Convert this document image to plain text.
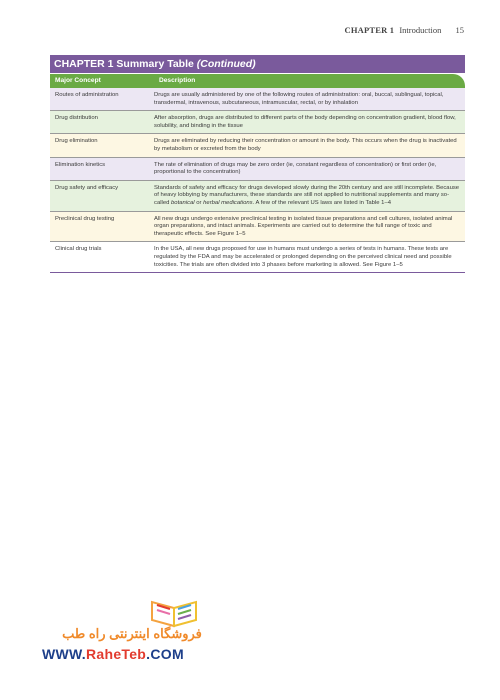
CHAPTER 1 Introduction 15
CHAPTER 1 Summary Table (Continued)
Major Concept	Description
Routes of administration	Drugs are usually administered by one of the following routes of administration: oral, buccal, sublingual, topical, transdermal, intravenous, subcutaneous, intramuscular, rectal, or by inhalation
Drug distribution	After absorption, drugs are distributed to different parts of the body depending on concentration gradient, blood flow, solubility, and binding in the tissue
Drug elimination	Drugs are eliminated by reducing their concentration or amount in the body. This occurs when the drug is inactivated by metabolism or excreted from the body
Elimination kinetics	The rate of elimination of drugs may be zero order (ie, constant regardless of concentration) or first order (ie, proportional to the concentration)
Drug safety and efficacy	Standards of safety and efficacy for drugs developed slowly during the 20th century and are still incomplete. Because of heavy lobbying by manufacturers, these standards are still not applied to nutritional supplements and many so-called botanical or herbal medications. A few of the relevant US laws are listed in Table 1–4
Preclinical drug testing	All new drugs undergo extensive preclinical testing in isolated tissue preparations and cell cultures, isolated animal organ preparations, and intact animals. Experiments are carried out to determine the full range of toxic and therapeutic effects. See Figure 1–5
Clinical drug trials	In the USA, all new drugs proposed for use in humans must undergo a series of tests in humans. These tests are regulated by the FDA and may be accelerated or prolonged depending on the perceived clinical need and possible toxicities. The trials are often divided into 3 phases before marketing is allowed. See Figure 1–5
فروشگاه اینترنتی راه طب
WWW.RaheTeb.COM
